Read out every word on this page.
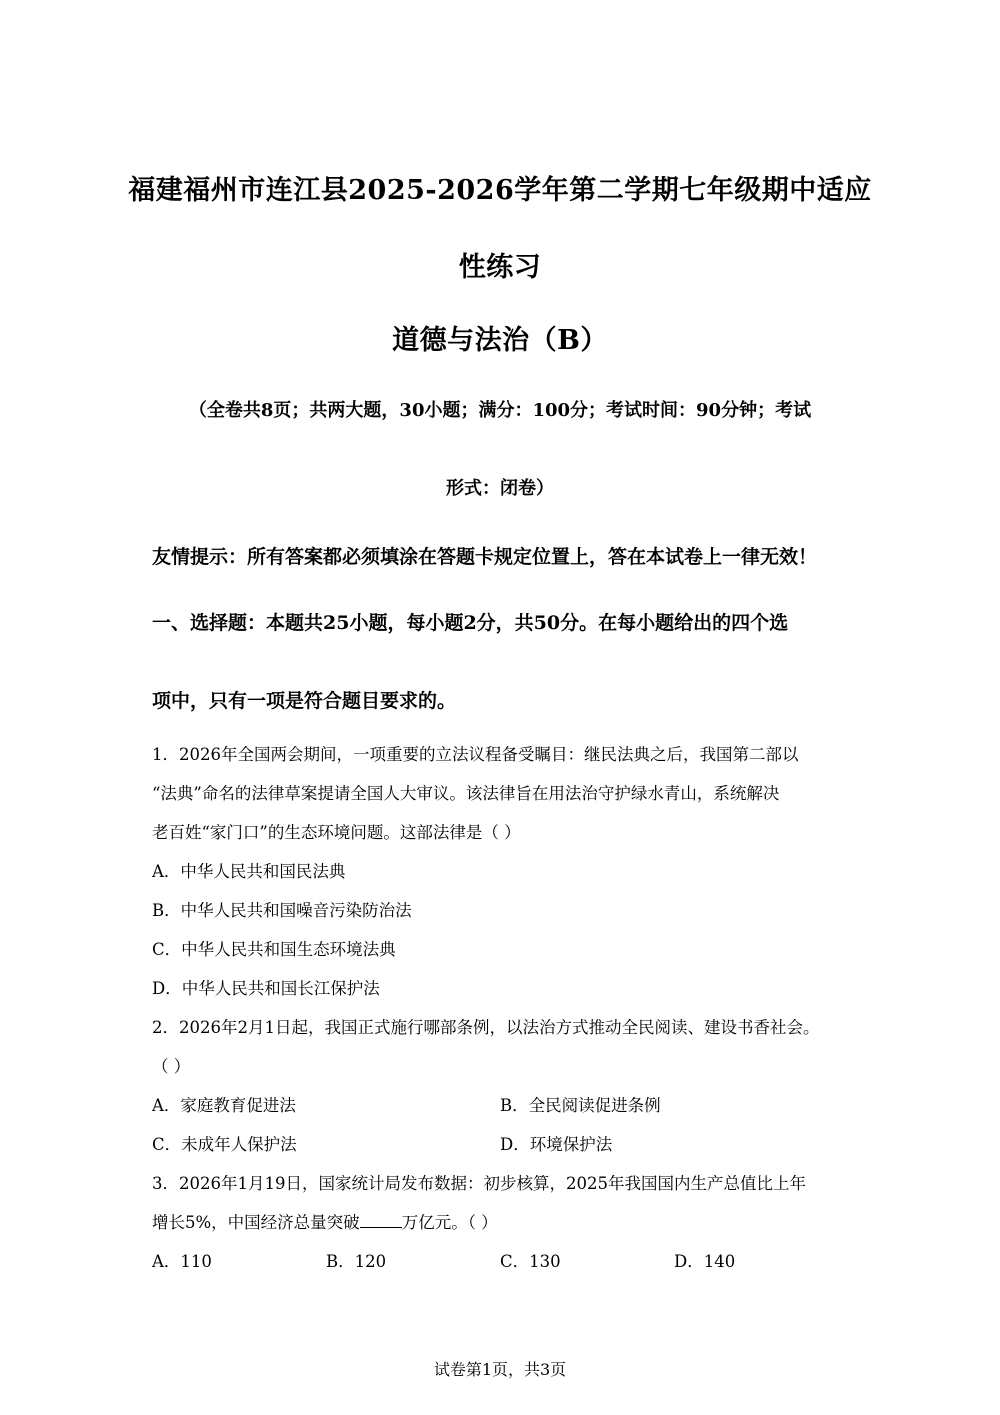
福建福州市连江县2025-2026学年第二学期七年级期中适应
性练习
道德与法治（B）
（全卷共8页；共两大题，30小题；满分：100分；考试时间：90分钟；考试
形式：闭卷）
友情提示：所有答案都必须填涂在答题卡规定位置上，答在本试卷上一律无效！
一、选择题：本题共25小题，每小题2分，共50分。在每小题给出的四个选
项中，只有一项是符合题目要求的。
1．2026年全国两会期间，一项重要的立法议程备受瞩目：继民法典之后，我国第二部以
“法典”命名的法律草案提请全国人大审议。该法律旨在用法治守护绿水青山，系统解决
老百姓“家门口”的生态环境问题。这部法律是（ ）
A．中华人民共和国民法典
B．中华人民共和国噪音污染防治法
C．中华人民共和国生态环境法典
D．中华人民共和国长江保护法
2．2026年2月1日起，我国正式施行哪部条例，以法治方式推动全民阅读、建设书香社会。
（ ）
A．家庭教育促进法	B．全民阅读促进条例
C．未成年人保护法	D．环境保护法
3．2026年1月19日，国家统计局发布数据：初步核算，2025年我国国内生产总值比上年
增长5%，中国经济总量突破	万亿元。（ ）
A．110	B．120	C．130	D．140
试卷第1页，共3页
